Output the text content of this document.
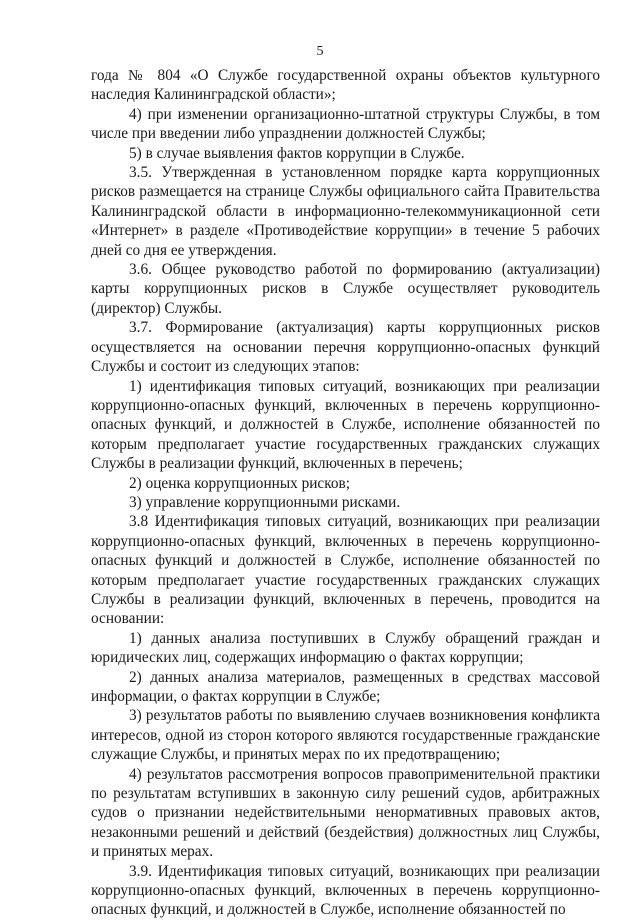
5

года № 804 «О Службе государственной охраны объектов культурного наследия Калининградской области»;

4) при изменении организационно-штатной структуры Службы, в том числе при введении либо упразднении должностей Службы;

5) в случае выявления фактов коррупции в Службе.

3.5. Утвержденная в установленном порядке карта коррупционных рисков размещается на странице Службы официального сайта Правительства Калининградской области в информационно-телекоммуникационной сети «Интернет» в разделе «Противодействие коррупции» в течение 5 рабочих дней со дня ее утверждения.

3.6. Общее руководство работой по формированию (актуализации) карты коррупционных рисков в Службе осуществляет руководитель (директор) Службы.

3.7. Формирование (актуализация) карты коррупционных рисков осуществляется на основании перечня коррупционно-опасных функций Службы и состоит из следующих этапов:

1) идентификация типовых ситуаций, возникающих при реализации коррупционно-опасных функций, включенных в перечень коррупционно-опасных функций, и должностей в Службе, исполнение обязанностей по которым предполагает участие государственных гражданских служащих Службы в реализации функций, включенных в перечень;

2) оценка коррупционных рисков;

3) управление коррупционными рисками.

3.8 Идентификация типовых ситуаций, возникающих при реализации коррупционно-опасных функций, включенных в перечень коррупционно-опасных функций и должностей в Службе, исполнение обязанностей по которым предполагает участие государственных гражданских служащих Службы в реализации функций, включенных в перечень, проводится на основании:

1) данных анализа поступивших в Службу обращений граждан и юридических лиц, содержащих информацию о фактах коррупции;

2) данных анализа материалов, размещенных в средствах массовой информации, о фактах коррупции в Службе;

3) результатов работы по выявлению случаев возникновения конфликта интересов, одной из сторон которого являются государственные гражданские служащие Службы, и принятых мерах по их предотвращению;

4) результатов рассмотрения вопросов правоприменительной практики по результатам вступивших в законную силу решений судов, арбитражных судов о признании недействительными ненормативных правовых актов, незаконными решений и действий (бездействия) должностных лиц Службы, и принятых мерах.

3.9. Идентификация типовых ситуаций, возникающих при реализации коррупционно-опасных функций, включенных в перечень коррупционно-опасных функций, и должностей в Службе, исполнение обязанностей по
